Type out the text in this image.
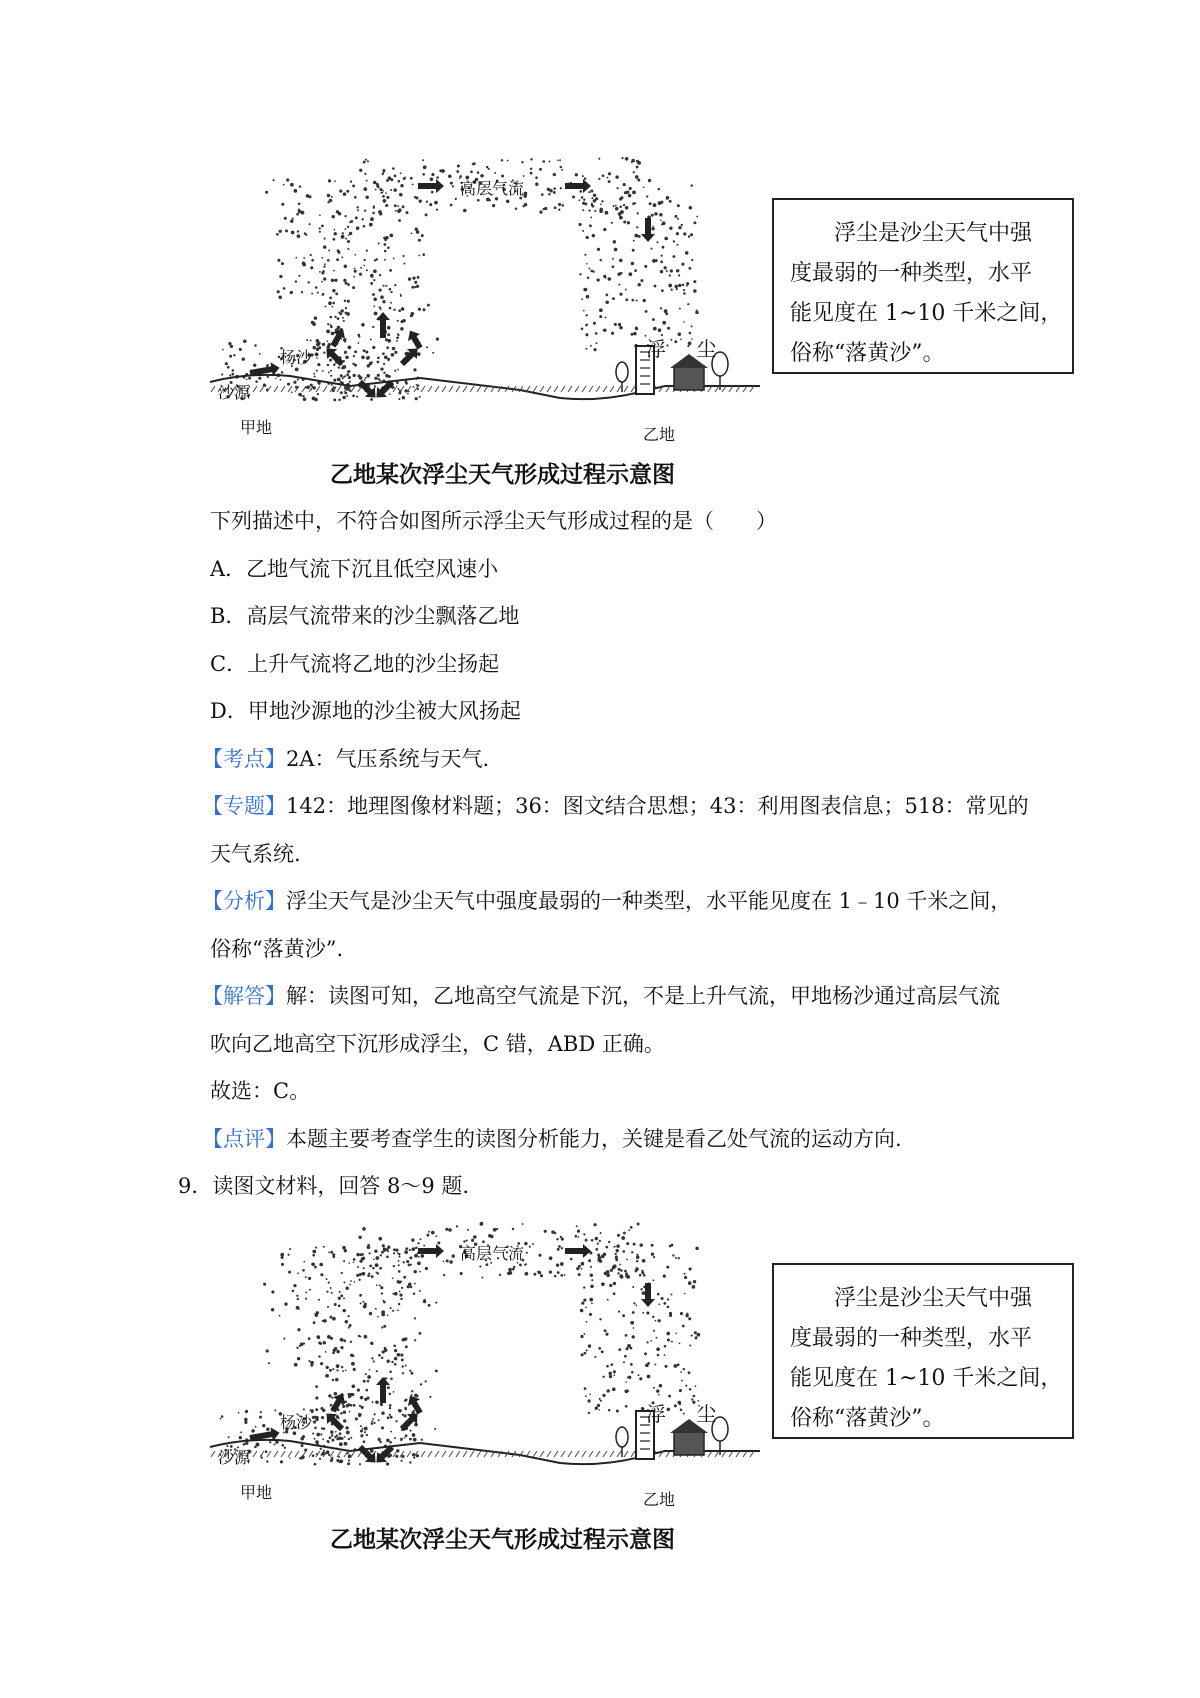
高层气流
杨沙
沙源
甲地
浮 尘
乙地
浮尘是沙尘天气中强
度最弱的一种类型，水平
能见度在 1~10 千米之间，
俗称“落黄沙”。
乙地某次浮尘天气形成过程示意图
下列描述中，不符合如图所示浮尘天气形成过程的是（　　）
A．乙地气流下沉且低空风速小
B．高层气流带来的沙尘飘落乙地
C．上升气流将乙地的沙尘扬起
D．甲地沙源地的沙尘被大风扬起
【考点】2A：气压系统与天气.
【专题】142：地理图像材料题；36：图文结合思想；43：利用图表信息；518：常见的
天气系统.
【分析】浮尘天气是沙尘天气中强度最弱的一种类型，水平能见度在 1﹣10 千米之间，
俗称“落黄沙”.
【解答】解：读图可知，乙地高空气流是下沉，不是上升气流，甲地杨沙通过高层气流
吹向乙地高空下沉形成浮尘，C 错，ABD 正确。
故选：C。
【点评】本题主要考查学生的读图分析能力，关键是看乙处气流的运动方向.
9．读图文材料，回答 8～9 题.
高层气流
杨沙
沙源
甲地
浮 尘
乙地
浮尘是沙尘天气中强
度最弱的一种类型，水平
能见度在 1~10 千米之间，
俗称“落黄沙”。
乙地某次浮尘天气形成过程示意图
